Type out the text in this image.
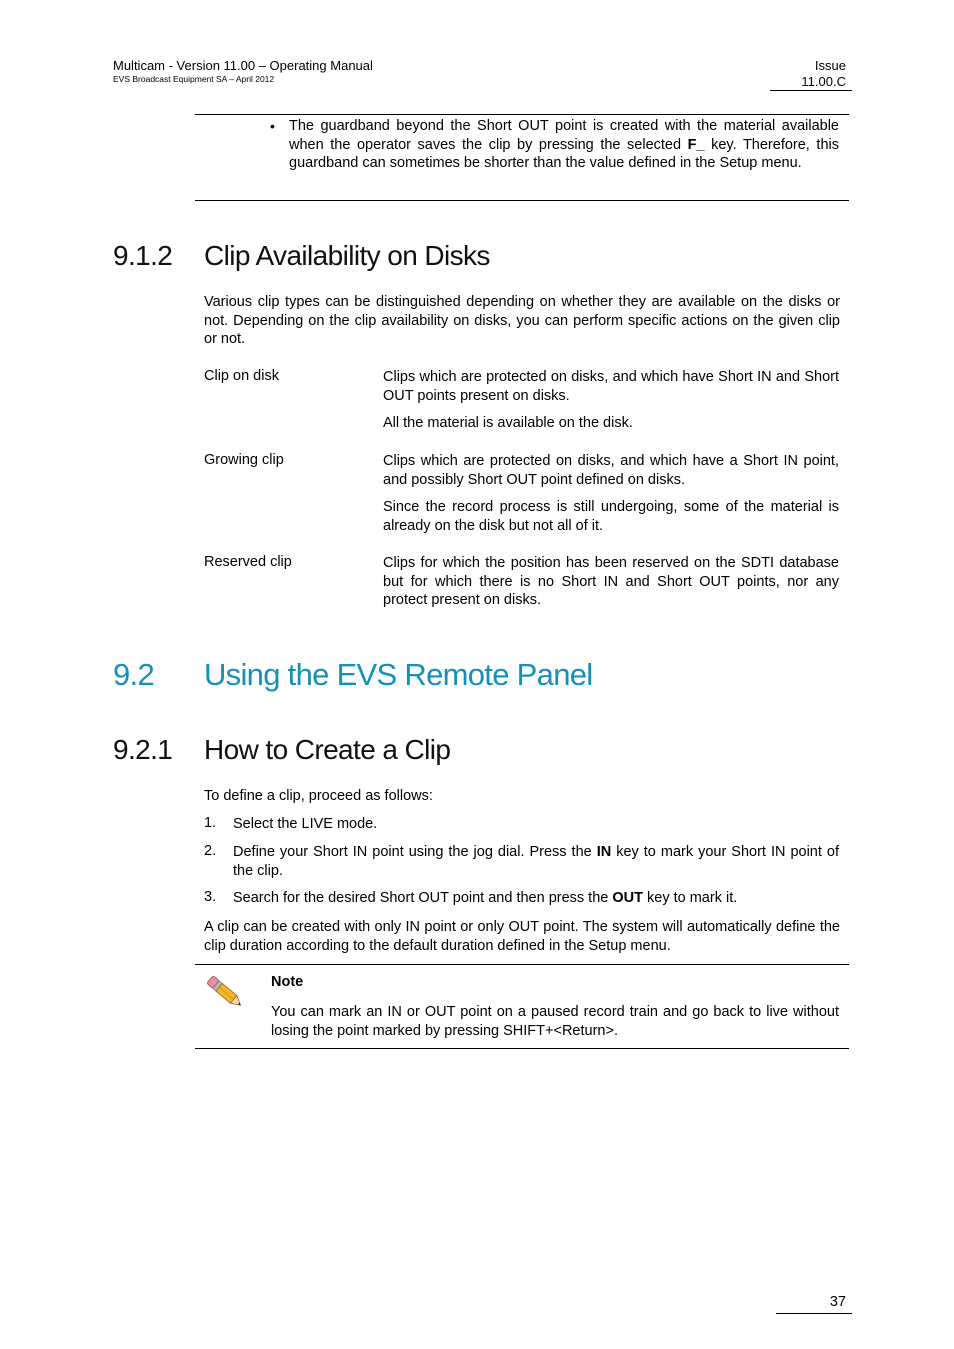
Multicam - Version 11.00 – Operating Manual
EVS Broadcast Equipment SA – April 2012
Issue
11.00.C
• The guardband beyond the Short OUT point is created with the material available when the operator saves the clip by pressing the selected F_ key. Therefore, this guardband can sometimes be shorter than the value defined in the Setup menu.
9.1.2 Clip Availability on Disks
Various clip types can be distinguished depending on whether they are available on the disks or not. Depending on the clip availability on disks, you can perform specific actions on the given clip or not.
Clip on disk	Clips which are protected on disks, and which have Short IN and Short OUT points present on disks.
All the material is available on the disk.
Growing clip	Clips which are protected on disks, and which have a Short IN point, and possibly Short OUT point defined on disks.
Since the record process is still undergoing, some of the material is already on the disk but not all of it.
Reserved clip	Clips for which the position has been reserved on the SDTI database but for which there is no Short IN and Short OUT points, nor any protect present on disks.
9.2 Using the EVS Remote Panel
9.2.1 How to Create a Clip
To define a clip, proceed as follows:
1. Select the LIVE mode.
2. Define your Short IN point using the jog dial. Press the IN key to mark your Short IN point of the clip.
3. Search for the desired Short OUT point and then press the OUT key to mark it.
A clip can be created with only IN point or only OUT point. The system will automatically define the clip duration according to the default duration defined in the Setup menu.
Note
You can mark an IN or OUT point on a paused record train and go back to live without losing the point marked by pressing SHIFT+<Return>.
37
